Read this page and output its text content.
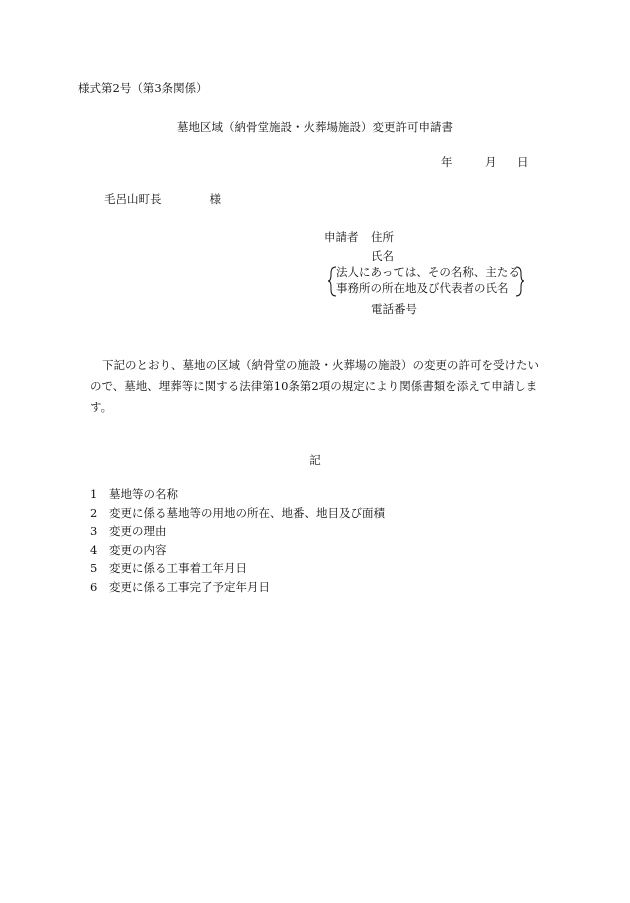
様式第2号（第3条関係）
墓地区域（納骨堂施設・火葬場施設）変更許可申請書
年	月 日
毛呂山町長	様
申請者 住所
氏名
法人にあっては、その名称、主たる
事務所の所在地及び代表者の氏名
電話番号
下記のとおり、墓地の区域（納骨堂の施設・火葬場の施設）の変更の許可を受けたいので、墓地、埋葬等に関する法律第10条第2項の規定により関係書類を添えて申請します。
記
1 墓地等の名称
2 変更に係る墓地等の用地の所在、地番、地目及び面積
3 変更の理由
4 変更の内容
5 変更に係る工事着工年月日
6 変更に係る工事完了予定年月日
